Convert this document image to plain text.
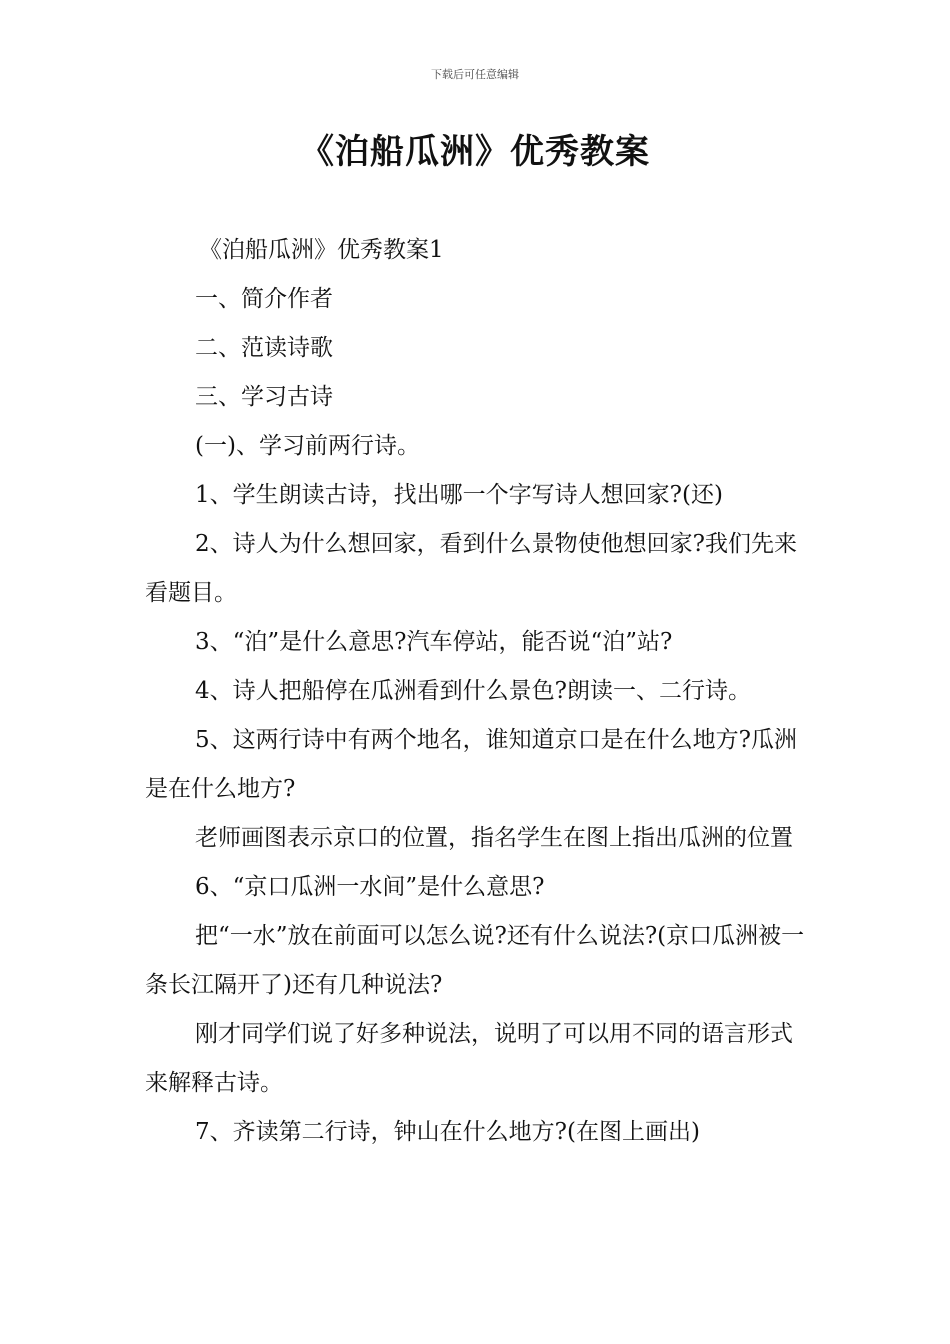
下载后可任意编辑
《泊船瓜洲》优秀教案

《泊船瓜洲》优秀教案1

一、简介作者

二、范读诗歌

三、学习古诗

(一)、学习前两行诗。

1、学生朗读古诗，找出哪一个字写诗人想回家?(还)

2、诗人为什么想回家，看到什么景物使他想回家?我们先来看题目。

3、“泊”是什么意思?汽车停站，能否说“泊”站?

4、诗人把船停在瓜洲看到什么景色?朗读一、二行诗。

5、这两行诗中有两个地名，谁知道京口是在什么地方?瓜洲是在什么地方?

老师画图表示京口的位置，指名学生在图上指出瓜洲的位置

6、“京口瓜洲一水间”是什么意思?

把“一水”放在前面可以怎么说?还有什么说法?(京口瓜洲被一条长江隔开了)还有几种说法?

刚才同学们说了好多种说法，说明了可以用不同的语言形式来解释古诗。

7、齐读第二行诗，钟山在什么地方?(在图上画出)
